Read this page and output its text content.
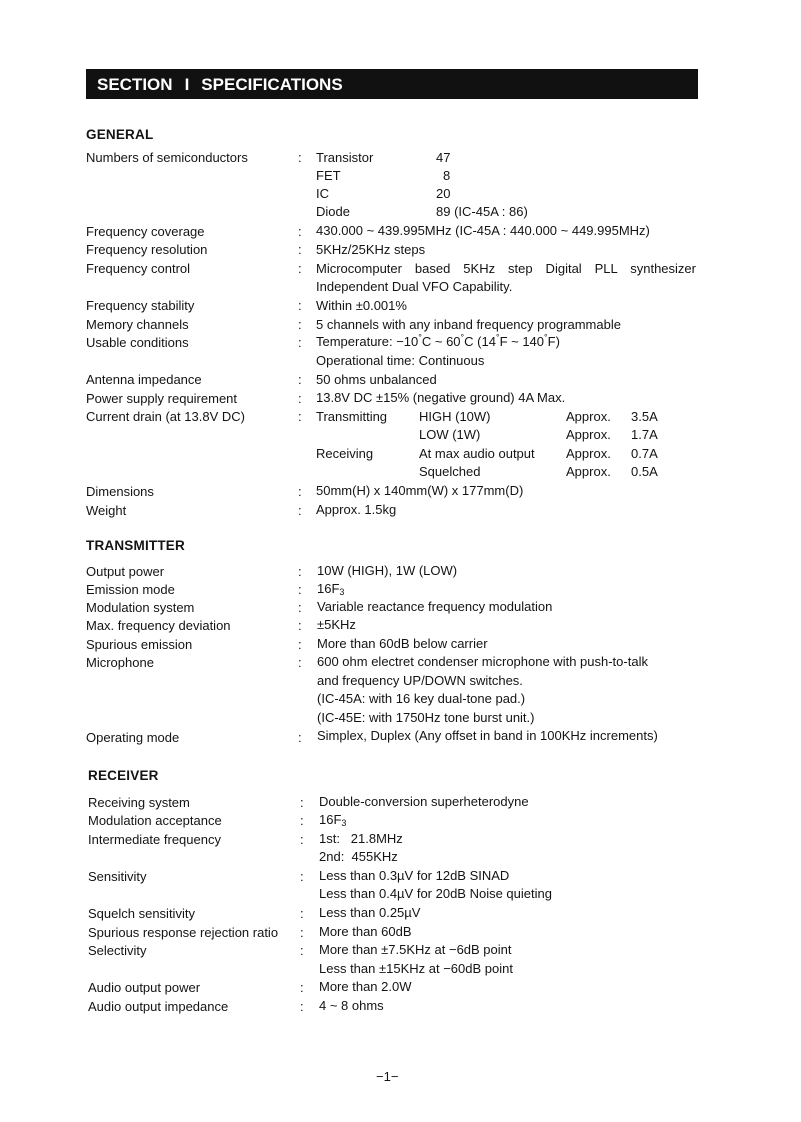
SECTION I SPECIFICATIONS
GENERAL
Numbers of semiconductors	: Transistor	47
FET	8
IC	20
Diode	89 (IC-45A : 86)
Frequency coverage	: 430.000 ~ 439.995MHz (IC-45A : 440.000 ~ 449.995MHz)
Frequency resolution	: 5KHz/25KHz steps
Frequency control	: Microcomputer based 5KHz step Digital PLL synthesizer
Independent Dual VFO Capability.
Frequency stability	: Within ±0.001%
Memory channels	: 5 channels with any inband frequency programmable
Usable conditions	: Temperature: −10°C ~ 60°C (14°F ~ 140°F)
Operational time: Continuous
Antenna impedance	: 50 ohms unbalanced
Power supply requirement	: 13.8V DC ±15% (negative ground) 4A Max.
Current drain (at 13.8V DC)	: Transmitting HIGH (10W)	Approx. 3.5A
LOW (1W)	Approx. 1.7A
Receiving	At max audio output Approx. 0.7A
Squelched	Approx. 0.5A
Dimensions	: 50mm(H) x 140mm(W) x 177mm(D)
Weight	: Approx. 1.5kg
TRANSMITTER
Output power	: 10W (HIGH), 1W (LOW)
Emission mode	: $16F_3$
Modulation system	: Variable reactance frequency modulation
Max. frequency deviation	: ±5KHz
Spurious emission	: More than 60dB below carrier
Microphone	: 600 ohm electret condenser microphone with push-to-talk
and frequency UP/DOWN switches.
(IC-45A: with 16 key dual-tone pad.)
(IC-45E: with 1750Hz tone burst unit.)
Operating mode	: Simplex, Duplex (Any offset in band in 100KHz increments)
RECEIVER
Receiving system	: Double-conversion superheterodyne
Modulation acceptance	: $16F_3$
Intermediate frequency	: 1st:   21.8MHz
2nd:  455KHz
Sensitivity	: Less than 0.3µV for 12dB SINAD
Less than 0.4µV for 20dB Noise quieting
Squelch sensitivity	: Less than 0.25µV
Spurious response rejection ratio : More than 60dB
Selectivity	: More than ±7.5KHz at −6dB point
Less than ±15KHz at −60dB point
Audio output power	: More than 2.0W
Audio output impedance	: 4 ~ 8 ohms
−1−
